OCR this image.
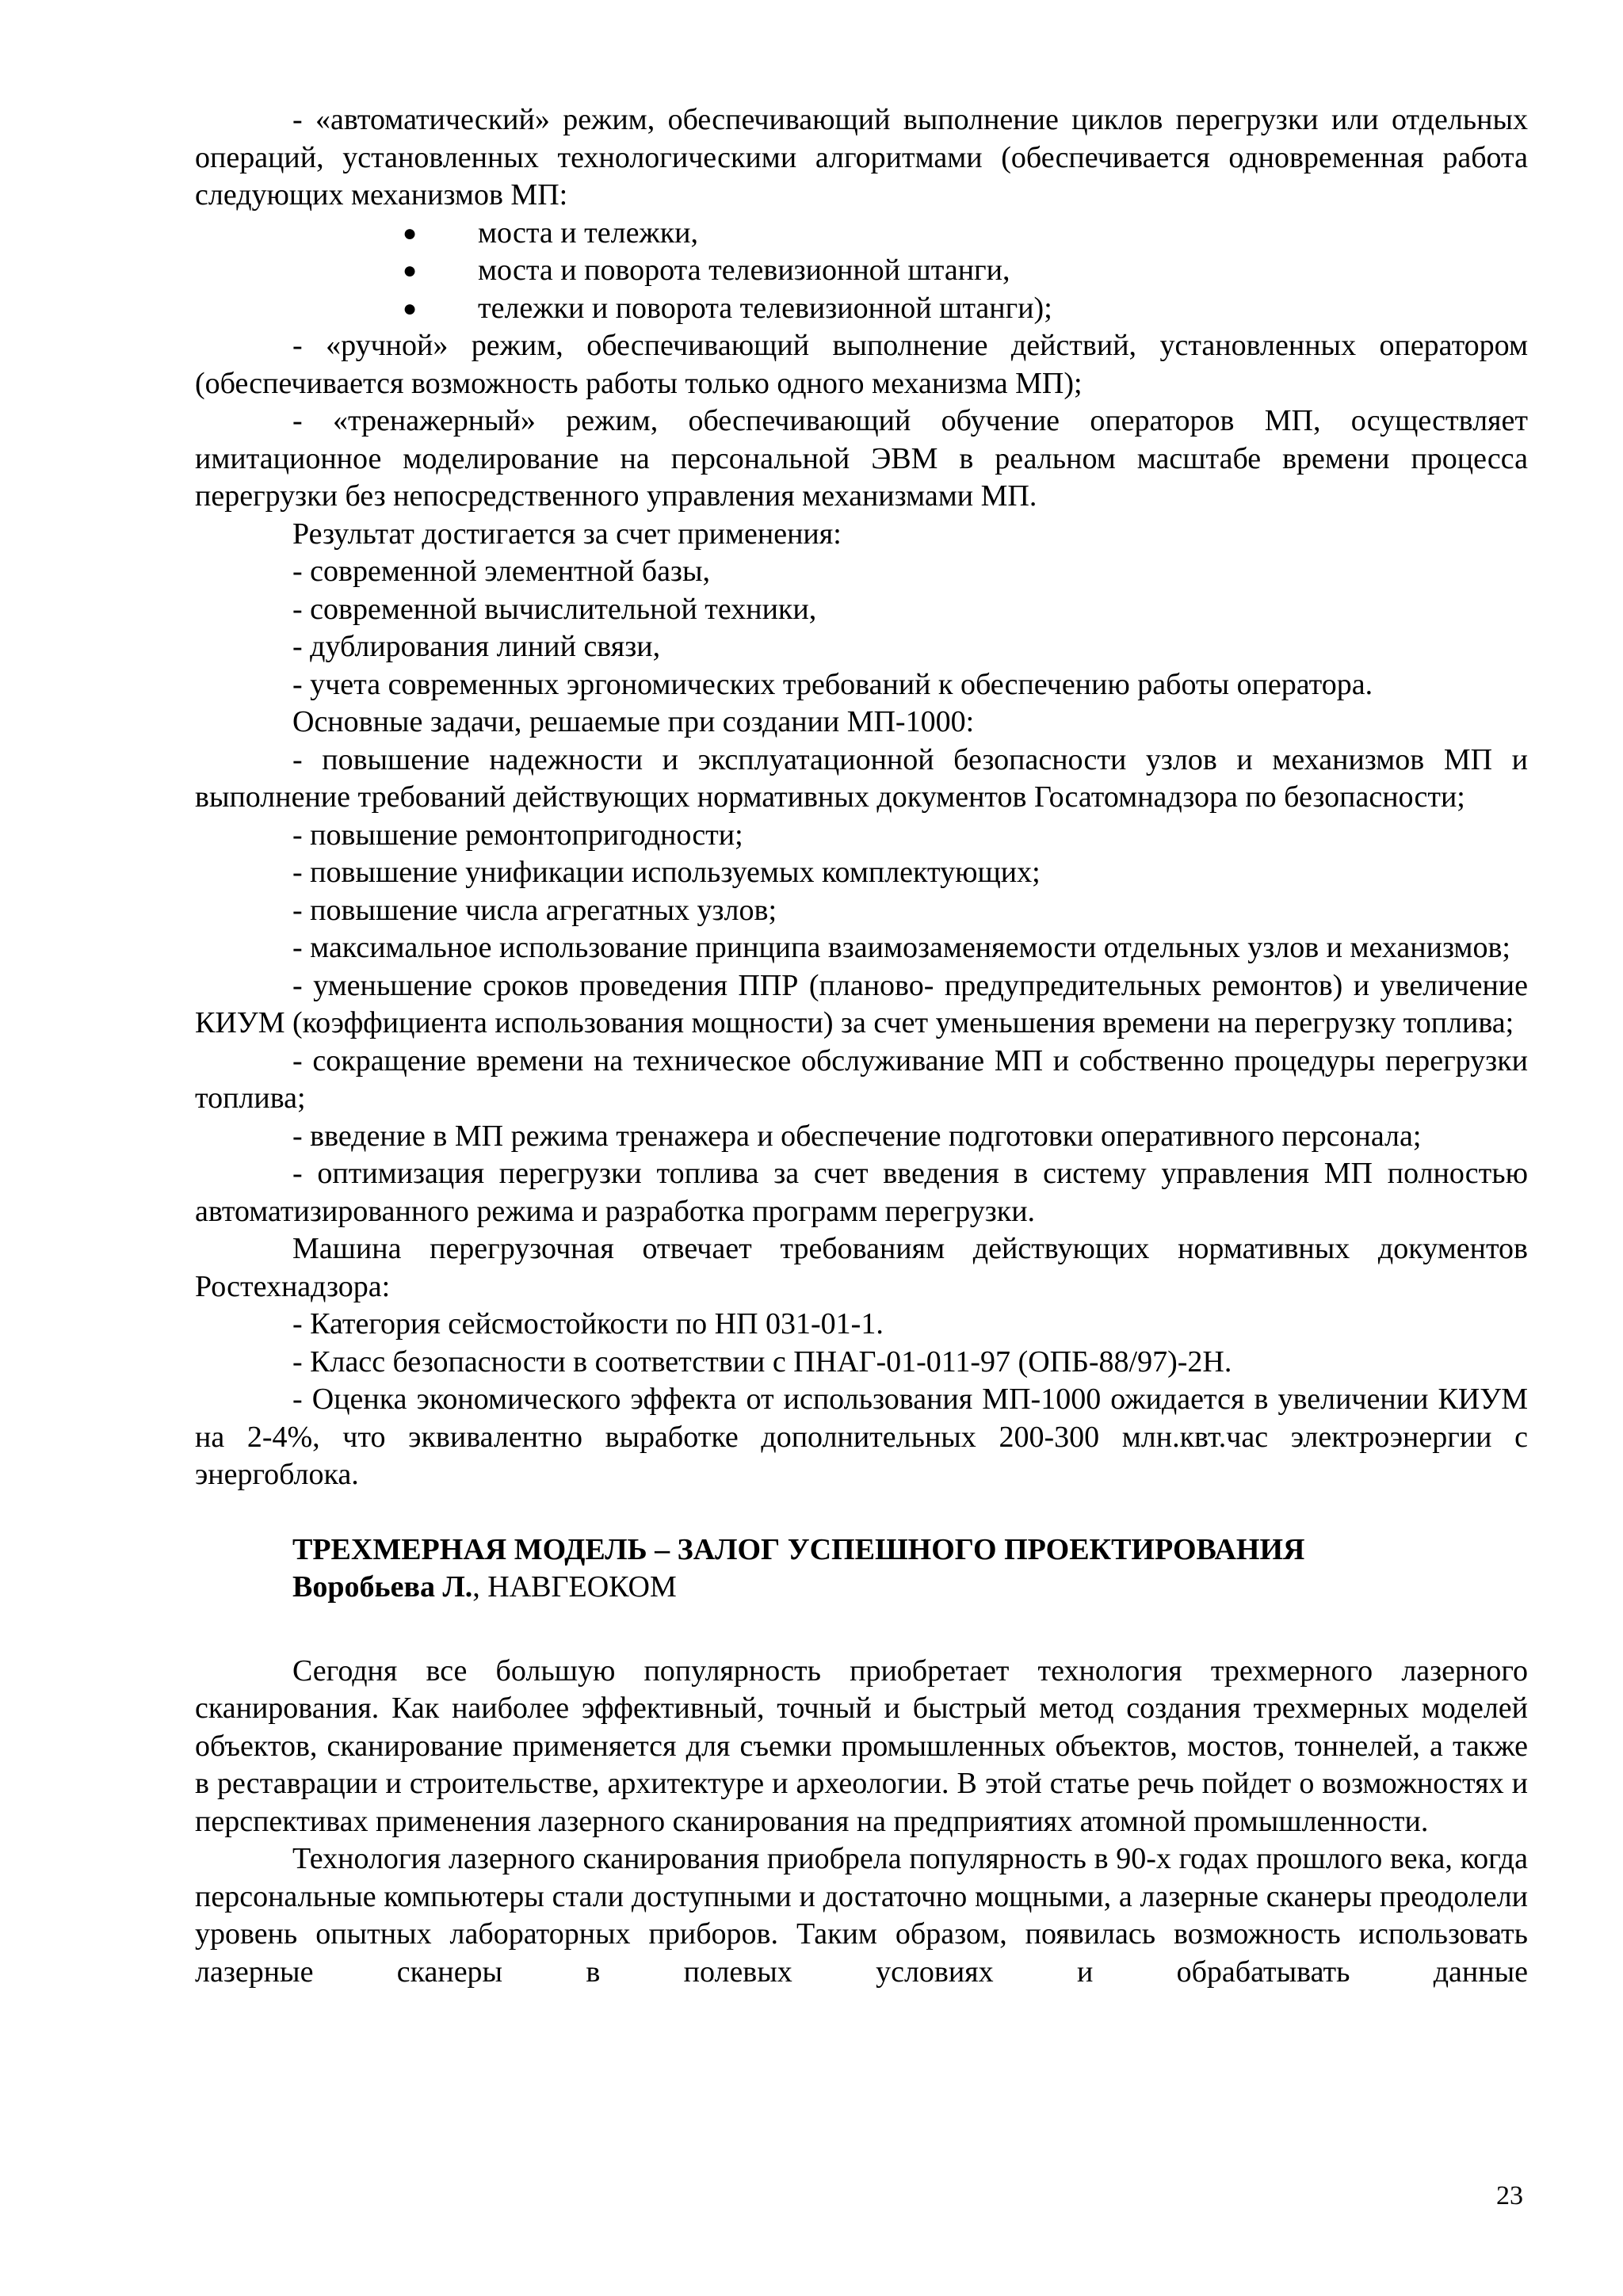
- «автоматический» режим, обеспечивающий выполнение циклов перегрузки или отдельных операций, установленных технологическими алгоритмами (обеспечивается одновременная работа следующих механизмов МП:

● моста и тележки,
● моста и поворота телевизионной штанги,
● тележки и поворота телевизионной штанги);

- «ручной» режим, обеспечивающий выполнение действий, установленных оператором (обеспечивается возможность работы только одного механизма МП);

- «тренажерный» режим, обеспечивающий обучение операторов МП, осуществляет имитационное моделирование на персональной ЭВМ в реальном масштабе времени процесса перегрузки без непосредственного управления механизмами МП.

Результат достигается за счет применения:

- современной элементной базы,

- современной вычислительной техники,

- дублирования линий связи,

- учета современных эргономических требований к обеспечению работы оператора.

Основные задачи, решаемые при создании МП-1000:

- повышение надежности и эксплуатационной безопасности узлов и механизмов МП и выполнение требований действующих нормативных документов Госатомнадзора по безопасности;

- повышение ремонтопригодности;

- повышение унификации используемых комплектующих;

- повышение числа агрегатных узлов;

- максимальное использование принципа взаимозаменяемости отдельных узлов и механизмов;

- уменьшение сроков проведения ППР (планово- предупредительных ремонтов) и увеличение КИУМ (коэффициента использования мощности) за счет уменьшения времени на перегрузку топлива;

- сокращение времени на техническое обслуживание МП и собственно процедуры перегрузки топлива;

- введение в МП режима тренажера и обеспечение подготовки оперативного персонала;

- оптимизация перегрузки топлива за счет введения в систему управления МП полностью автоматизированного режима и разработка программ перегрузки.

Машина перегрузочная отвечает требованиям действующих нормативных документов Ростехнадзора:

- Категория сейсмостойкости по НП 031-01-1.

- Класс безопасности в соответствии с ПНАГ-01-011-97 (ОПБ-88/97)-2Н.

- Оценка экономического эффекта от использования МП-1000 ожидается в увеличении КИУМ на 2-4%, что эквивалентно выработке дополнительных 200-300 млн.квт.час электроэнергии с энергоблока.

ТРЕХМЕРНАЯ МОДЕЛЬ – ЗАЛОГ УСПЕШНОГО ПРОЕКТИРОВАНИЯ

Воробьева Л., НАВГЕОКОМ

Сегодня все большую популярность приобретает технология трехмерного лазерного сканирования. Как наиболее эффективный, точный и быстрый метод создания трехмерных моделей объектов, сканирование применяется для съемки промышленных объектов, мостов, тоннелей, а также в реставрации и строительстве, архитектуре и археологии. В этой статье речь пойдет о возможностях и перспективах применения лазерного сканирования на предприятиях атомной промышленности.

Технология лазерного сканирования приобрела популярность в 90-х годах прошлого века, когда персональные компьютеры стали доступными и достаточно мощными, а лазерные сканеры преодолели уровень опытных лабораторных приборов. Таким образом, появилась возможность использовать лазерные сканеры в полевых условиях и обрабатывать данные

23
